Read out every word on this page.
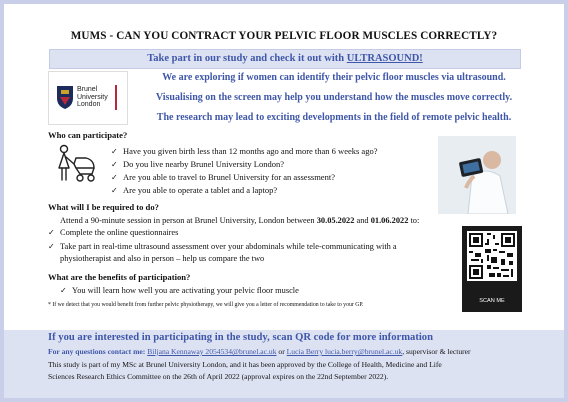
MUMS - CAN YOU CONTRACT YOUR PELVIC FLOOR MUSCLES CORRECTLY?
Take part in our study and check it out with ULTRASOUND!
Brunel
University
London
We are exploring if women can identify their pelvic floor muscles via ultrasound.
Visualising on the screen may help you understand how the muscles move correctly.
The research may lead to exciting developments in the field of remote pelvic health.
Who can participate?
✓ Have you given birth less than 12 months ago and more than 6 weeks ago?
✓ Do you live nearby Brunel University London?
✓ Are you able to travel to Brunel University for an assessment?
✓ Are you able to operate a tablet and a laptop?
What will I be required to do?
Attend a 90-minute session in person at Brunel University, London between 30.05.2022 and 01.06.2022 to:
✓ Complete the online questionnaires
✓ Take part in real-time ultrasound assessment over your abdominals while tele-communicating with a
physiotherapist and also in person – help us compare the two
SCAN ME
What are the benefits of participation?
✓ You will learn how well you are activating your pelvic floor muscle
* If we detect that you would benefit from further pelvic physiotherapy, we will give you a letter of recommendation to take to your GP.
If you are interested in participating in the study, scan QR code for more information
For any questions contact me: Biljana Kennaway 2054534@brunel.ac.uk or Lucia Berry lucia.berry@brunel.ac.uk, supervisor & lecturer
This study is part of my MSc at Brunel University London, and it has been approved by the College of Health, Medicine and Life
Sciences Research Ethics Committee on the 26th of April 2022 (approval expires on the 22nd September 2022).
